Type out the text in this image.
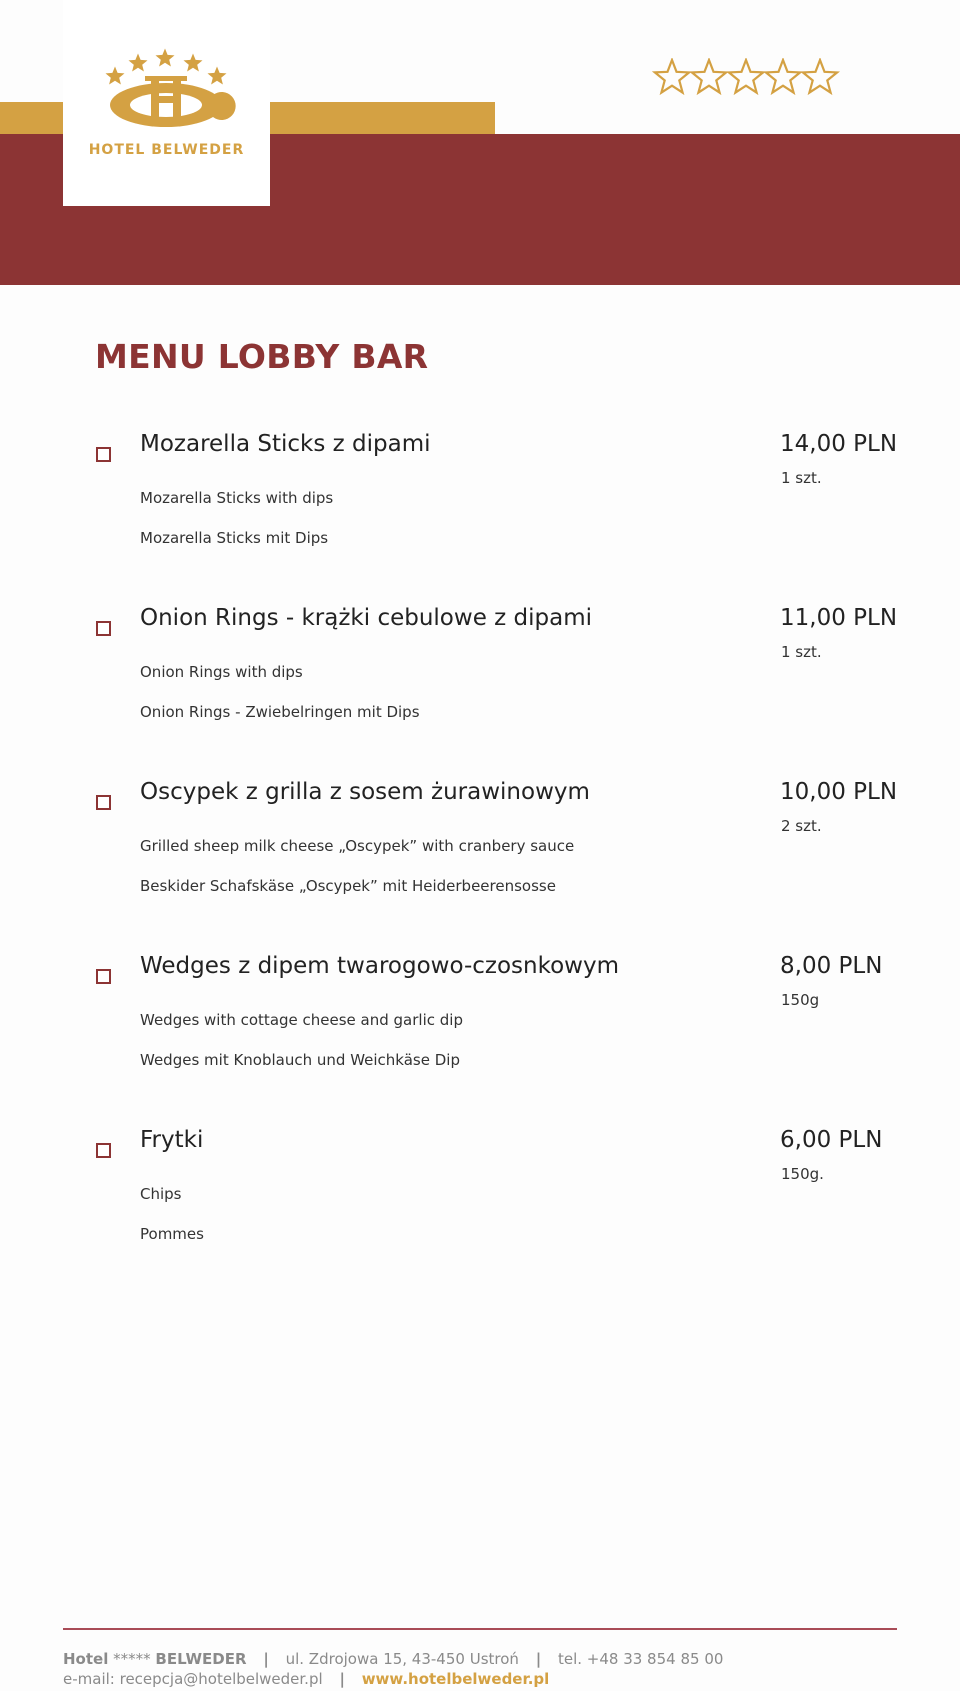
HOTEL BELWEDER
MENU LOBBY BAR
Mozarella Sticks z dipami
Mozarella Sticks with dips
Mozarella Sticks mit Dips
14,00 PLN
1 szt.
Onion Rings - krążki cebulowe z dipami
Onion Rings with dips
Onion Rings - Zwiebelringen mit Dips
11,00 PLN
1 szt.
Oscypek z grilla z sosem żurawinowym
Grilled sheep milk cheese „Oscypek” with cranbery sauce
Beskider Schafskäse „Oscypek” mit Heiderbeerensosse
10,00 PLN
2 szt.
Wedges z dipem twarogowo-czosnkowym
Wedges with cottage cheese and garlic dip
Wedges mit Knoblauch und Weichkäse Dip
8,00 PLN
150g
Frytki
Chips
Pommes
6,00 PLN
150g.
Hotel ***** BELWEDER | ul. Zdrojowa 15, 43-450 Ustroń | tel. +48 33 854 85 00
e-mail: recepcja@hotelbelweder.pl | www.hotelbelweder.pl
